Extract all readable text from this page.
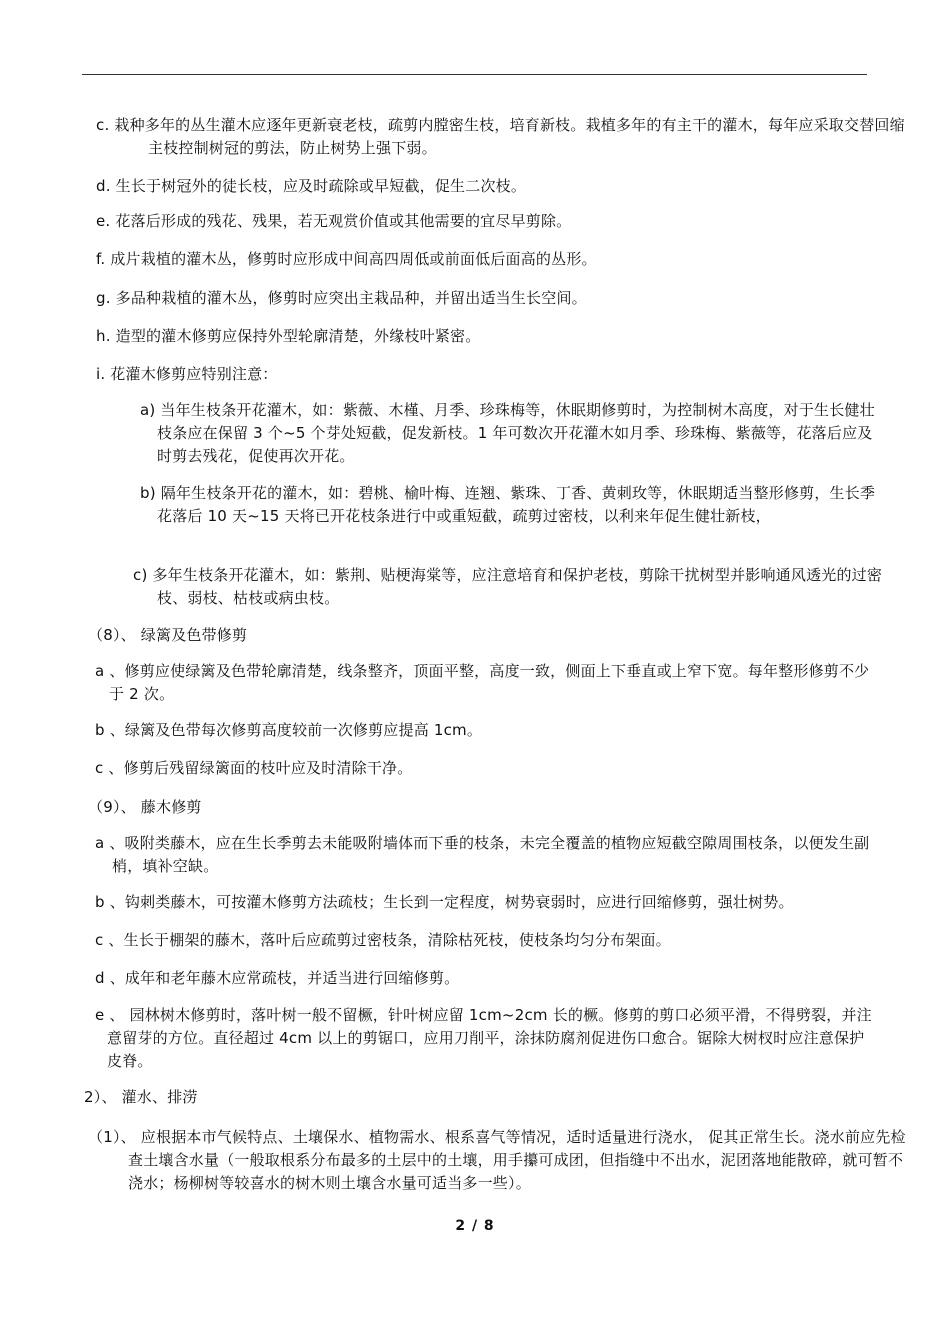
c. 栽种多年的丛生灌木应逐年更新衰老枝，疏剪内膛密生枝，培育新枝。栽植多年的有主干的灌木，每年应采取交替回缩主枝控制树冠的剪法，防止树势上强下弱。
d. 生长于树冠外的徒长枝，应及时疏除或早短截，促生二次枝。
e. 花落后形成的残花、残果，若无观赏价值或其他需要的宜尽早剪除。
f. 成片栽植的灌木丛，修剪时应形成中间高四周低或前面低后面高的丛形。
g. 多品种栽植的灌木丛，修剪时应突出主栽品种，并留出适当生长空间。
h. 造型的灌木修剪应保持外型轮廓清楚，外缘枝叶紧密。
i. 花灌木修剪应特别注意：
a) 当年生枝条开花灌木，如：紫薇、木槿、月季、珍珠梅等，休眠期修剪时，为控制树木高度，对于生长健壮枝条应在保留 3 个~5 个芽处短截，促发新枝。1 年可数次开花灌木如月季、珍珠梅、紫薇等，花落后应及时剪去残花，促使再次开花。
b) 隔年生枝条开花的灌木，如：碧桃、榆叶梅、连翘、紫珠、丁香、黄刺玫等，休眠期适当整形修剪，生长季花落后 10 天~15 天将已开花枝条进行中或重短截，疏剪过密枝，以利来年促生健壮新枝，
c) 多年生枝条开花灌木，如：紫荆、贴梗海棠等，应注意培育和保护老枝，剪除干扰树型并影响通风透光的过密枝、弱枝、枯枝或病虫枝。
（8）、 绿篱及色带修剪
a 、修剪应使绿篱及色带轮廓清楚，线条整齐，顶面平整，高度一致，侧面上下垂直或上窄下宽。每年整形修剪不少于 2 次。
b 、绿篱及色带每次修剪高度较前一次修剪应提高 1cm。
c 、修剪后残留绿篱面的枝叶应及时清除干净。
（9）、 藤木修剪
a 、吸附类藤木，应在生长季剪去未能吸附墙体而下垂的枝条，未完全覆盖的植物应短截空隙周围枝条，以便发生副梢，填补空缺。
b 、钩刺类藤木，可按灌木修剪方法疏枝；生长到一定程度，树势衰弱时，应进行回缩修剪，强壮树势。
c 、生长于棚架的藤木，落叶后应疏剪过密枝条，清除枯死枝，使枝条均匀分布架面。
d 、成年和老年藤木应常疏枝，并适当进行回缩修剪。
e 、 园林树木修剪时，落叶树一般不留橛，针叶树应留 1cm~2cm 长的橛。修剪的剪口必须平滑，不得劈裂，并注意留芽的方位。直径超过 4cm 以上的剪锯口，应用刀削平，涂抹防腐剂促进伤口愈合。锯除大树杈时应注意保护皮脊。
2）、 灌水、排涝
（1）、 应根据本市气候特点、土壤保水、植物需水、根系喜气等情况，适时适量进行浇水， 促其正常生长。浇水前应先检查土壤含水量（一般取根系分布最多的土层中的土壤，用手攥可成团，但指缝中不出水，泥团落地能散碎，就可暂不浇水；杨柳树等较喜水的树木则土壤含水量可适当多一些）。
2 / 8
